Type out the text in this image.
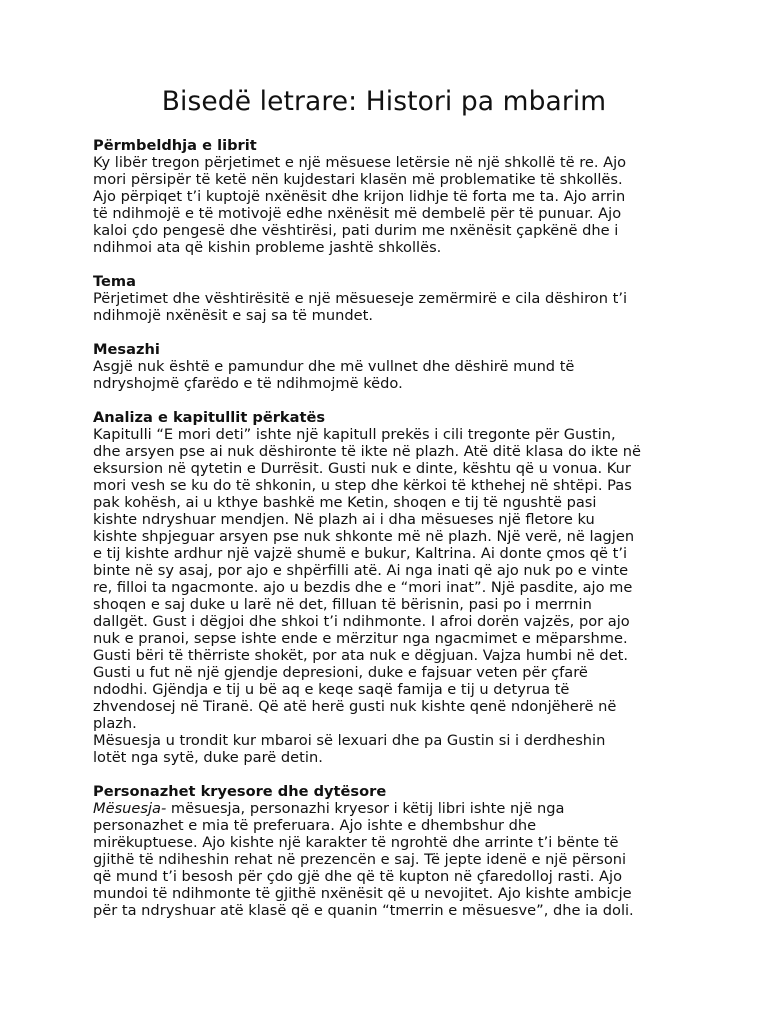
Bisedë letrare: Histori pa mbarim
Përmbeldhja e librit
Ky libër tregon përjetimet e një mësuese letërsie në një shkollë të re. Ajo
mori përsipër të ketë nën kujdestari klasën më problematike të shkollës.
Ajo përpiqet t’i kuptojë nxënësit dhe krijon lidhje të forta me ta. Ajo arrin
të ndihmojë e të motivojë edhe nxënësit më dembelë për të punuar. Ajo
kaloi çdo pengesë dhe vështirësi, pati durim me nxënësit çapkënë dhe i
ndihmoi ata që kishin probleme jashtë shkollës.
Tema
Përjetimet dhe vështirësitë e një mësueseje zemërmirë e cila dëshiron t’i
ndihmojë nxënësit e saj sa të mundet.
Mesazhi
Asgjë nuk është e pamundur dhe më vullnet dhe dëshirë mund të
ndryshojmë çfarëdo e të ndihmojmë këdo.
Analiza e kapitullit përkatës
Kapitulli “E mori deti” ishte një kapitull prekës i cili tregonte për Gustin,
dhe arsyen pse ai nuk dëshironte të ikte në plazh. Atë ditë klasa do ikte në
eksursion në qytetin e Durrësit. Gusti nuk e dinte, kështu që u vonua. Kur
mori vesh se ku do të shkonin, u step dhe kërkoi të kthehej në shtëpi. Pas
pak kohësh, ai u kthye bashkë me Ketin, shoqen e tij të ngushtë pasi
kishte ndryshuar mendjen. Në plazh ai i dha mësueses një fletore ku
kishte shpjeguar arsyen pse nuk shkonte më në plazh. Një verë, në lagjen
e tij kishte ardhur një vajzë shumë e bukur, Kaltrina. Ai donte çmos që t’i
binte në sy asaj, por ajo e shpërfilli atë. Ai nga inati që ajo nuk po e vinte
re, filloi ta ngacmonte. ajo u bezdis dhe e “mori inat”. Një pasdite, ajo me
shoqen e saj duke u larë në det, filluan të bërisnin, pasi po i merrnin
dallgët. Gust i dëgjoi dhe shkoi t’i ndihmonte. I afroi dorën vajzës, por ajo
nuk e pranoi, sepse ishte ende e mërzitur nga ngacmimet e mëparshme.
Gusti bëri të thërriste shokët, por ata nuk e dëgjuan. Vajza humbi në det.
Gusti u fut në një gjendje depresioni, duke e fajsuar veten për çfarë
ndodhi. Gjëndja e tij u bë aq e keqe saqë famija e tij u detyrua të
zhvendosej në Tiranë. Që atë herë gusti nuk kishte qenë ndonjëherë në
plazh.
Mësuesja u trondit kur mbaroi së lexuari dhe pa Gustin si i derdheshin
lotët nga sytë, duke parë detin.
Personazhet kryesore dhe dytësore
Mësuesja- mësuesja, personazhi kryesor i këtij libri ishte një nga
personazhet e mia të preferuara. Ajo ishte e dhembshur dhe
mirëkuptuese. Ajo kishte një karakter të ngrohtë dhe arrinte t’i bënte të
gjithë të ndiheshin rehat në prezencën e saj. Të jepte idenë e një përsoni
që mund t’i besosh për çdo gjë dhe që të kupton në çfaredolloj rasti. Ajo
mundoi të ndihmonte të gjithë nxënësit që u nevojitet. Ajo kishte ambicje
për ta ndryshuar atë klasë që e quanin “tmerrin e mësuesve”, dhe ia doli.
